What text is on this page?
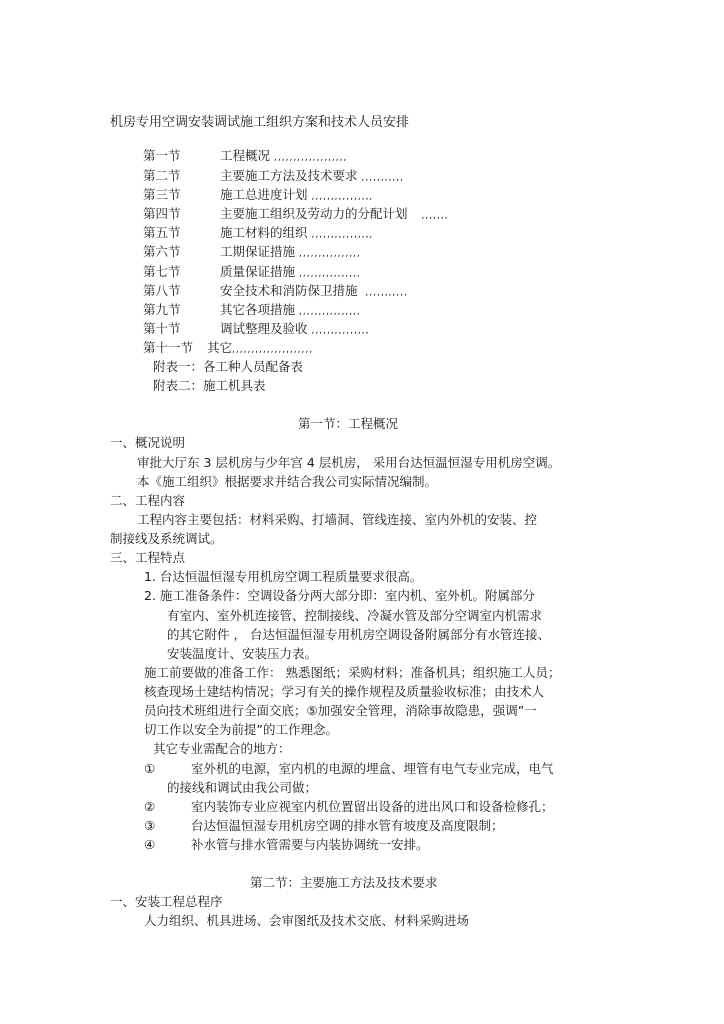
机房专用空调安装调试施工组织方案和技术人员安排
第一节	工程概况 ,,,,,,,,,,,,,,,,,,,
第二节	主要施工方法及技术要求 ,,,,,,,,,,,
第三节	施工总进度计划 ,,,,,,,,,,,,,,,,
第四节	主要施工组织及劳动力的分配计划 ,,,,,,,
第五节	施工材料的组织 ,,,,,,,,,,,,,,,,
第六节	工期保证措施 ,,,,,,,,,,,,,,,,
第七节	质量保证措施 ,,,,,,,,,,,,,,,,
第八节	安全技术和消防保卫措施 ,,,,,,,,,,,
第九节	其它各项措施 ,,,,,,,,,,,,,,,,
第十节	调试整理及验收 ,,,,,,,,,,,,,,,
第十一节 其它,,,,,,,,,,,,,,,,,,,,,
附表一：各工种人员配备表
附表二：施工机具表
第一节：工程概况
一、概况说明
审批大厅东 3 层机房与少年宫 4 层机房， 采用台达恒温恒湿专用机房空调。
本《施工组织》根据要求并结合我公司实际情况编制。
二、工程内容
工程内容主要包括：材料采购、打墙洞、管线连接、室内外机的安装、控
制接线及系统调试。
三、工程特点
1. 台达恒温恒湿专用机房空调工程质量要求很高。
2. 施工准备条件：空调设备分两大部分即：室内机、室外机。附属部分
有室内、室外机连接管、控制接线、冷凝水管及部分空调室内机需求
的其它附件 ， 台达恒温恒湿专用机房空调设备附属部分有水管连接、
安装温度计、安装压力表。
施工前要做的准备工作： 熟悉图纸；采购材料；准备机具；组织施工人员；
核查现场土建结构情况；学习有关的操作规程及质量验收标准；由技术人
员向技术班组进行全面交底；⑤加强安全管理，消除事故隐患，强调”一
切工作以安全为前提”的工作理念。
其它专业需配合的地方：
①	室外机的电源，室内机的电源的埋盒、埋管有电气专业完成，电气
的接线和调试由我公司做；
②	室内装饰专业应视室内机位置留出设备的进出风口和设备检修孔；
③	台达恒温恒湿专用机房空调的排水管有坡度及高度限制；
④	补水管与排水管需要与内装协调统一安排。
第二节：主要施工方法及技术要求
一、安装工程总程序
人力组织、机具进场、会审图纸及技术交底、材料采购进场
